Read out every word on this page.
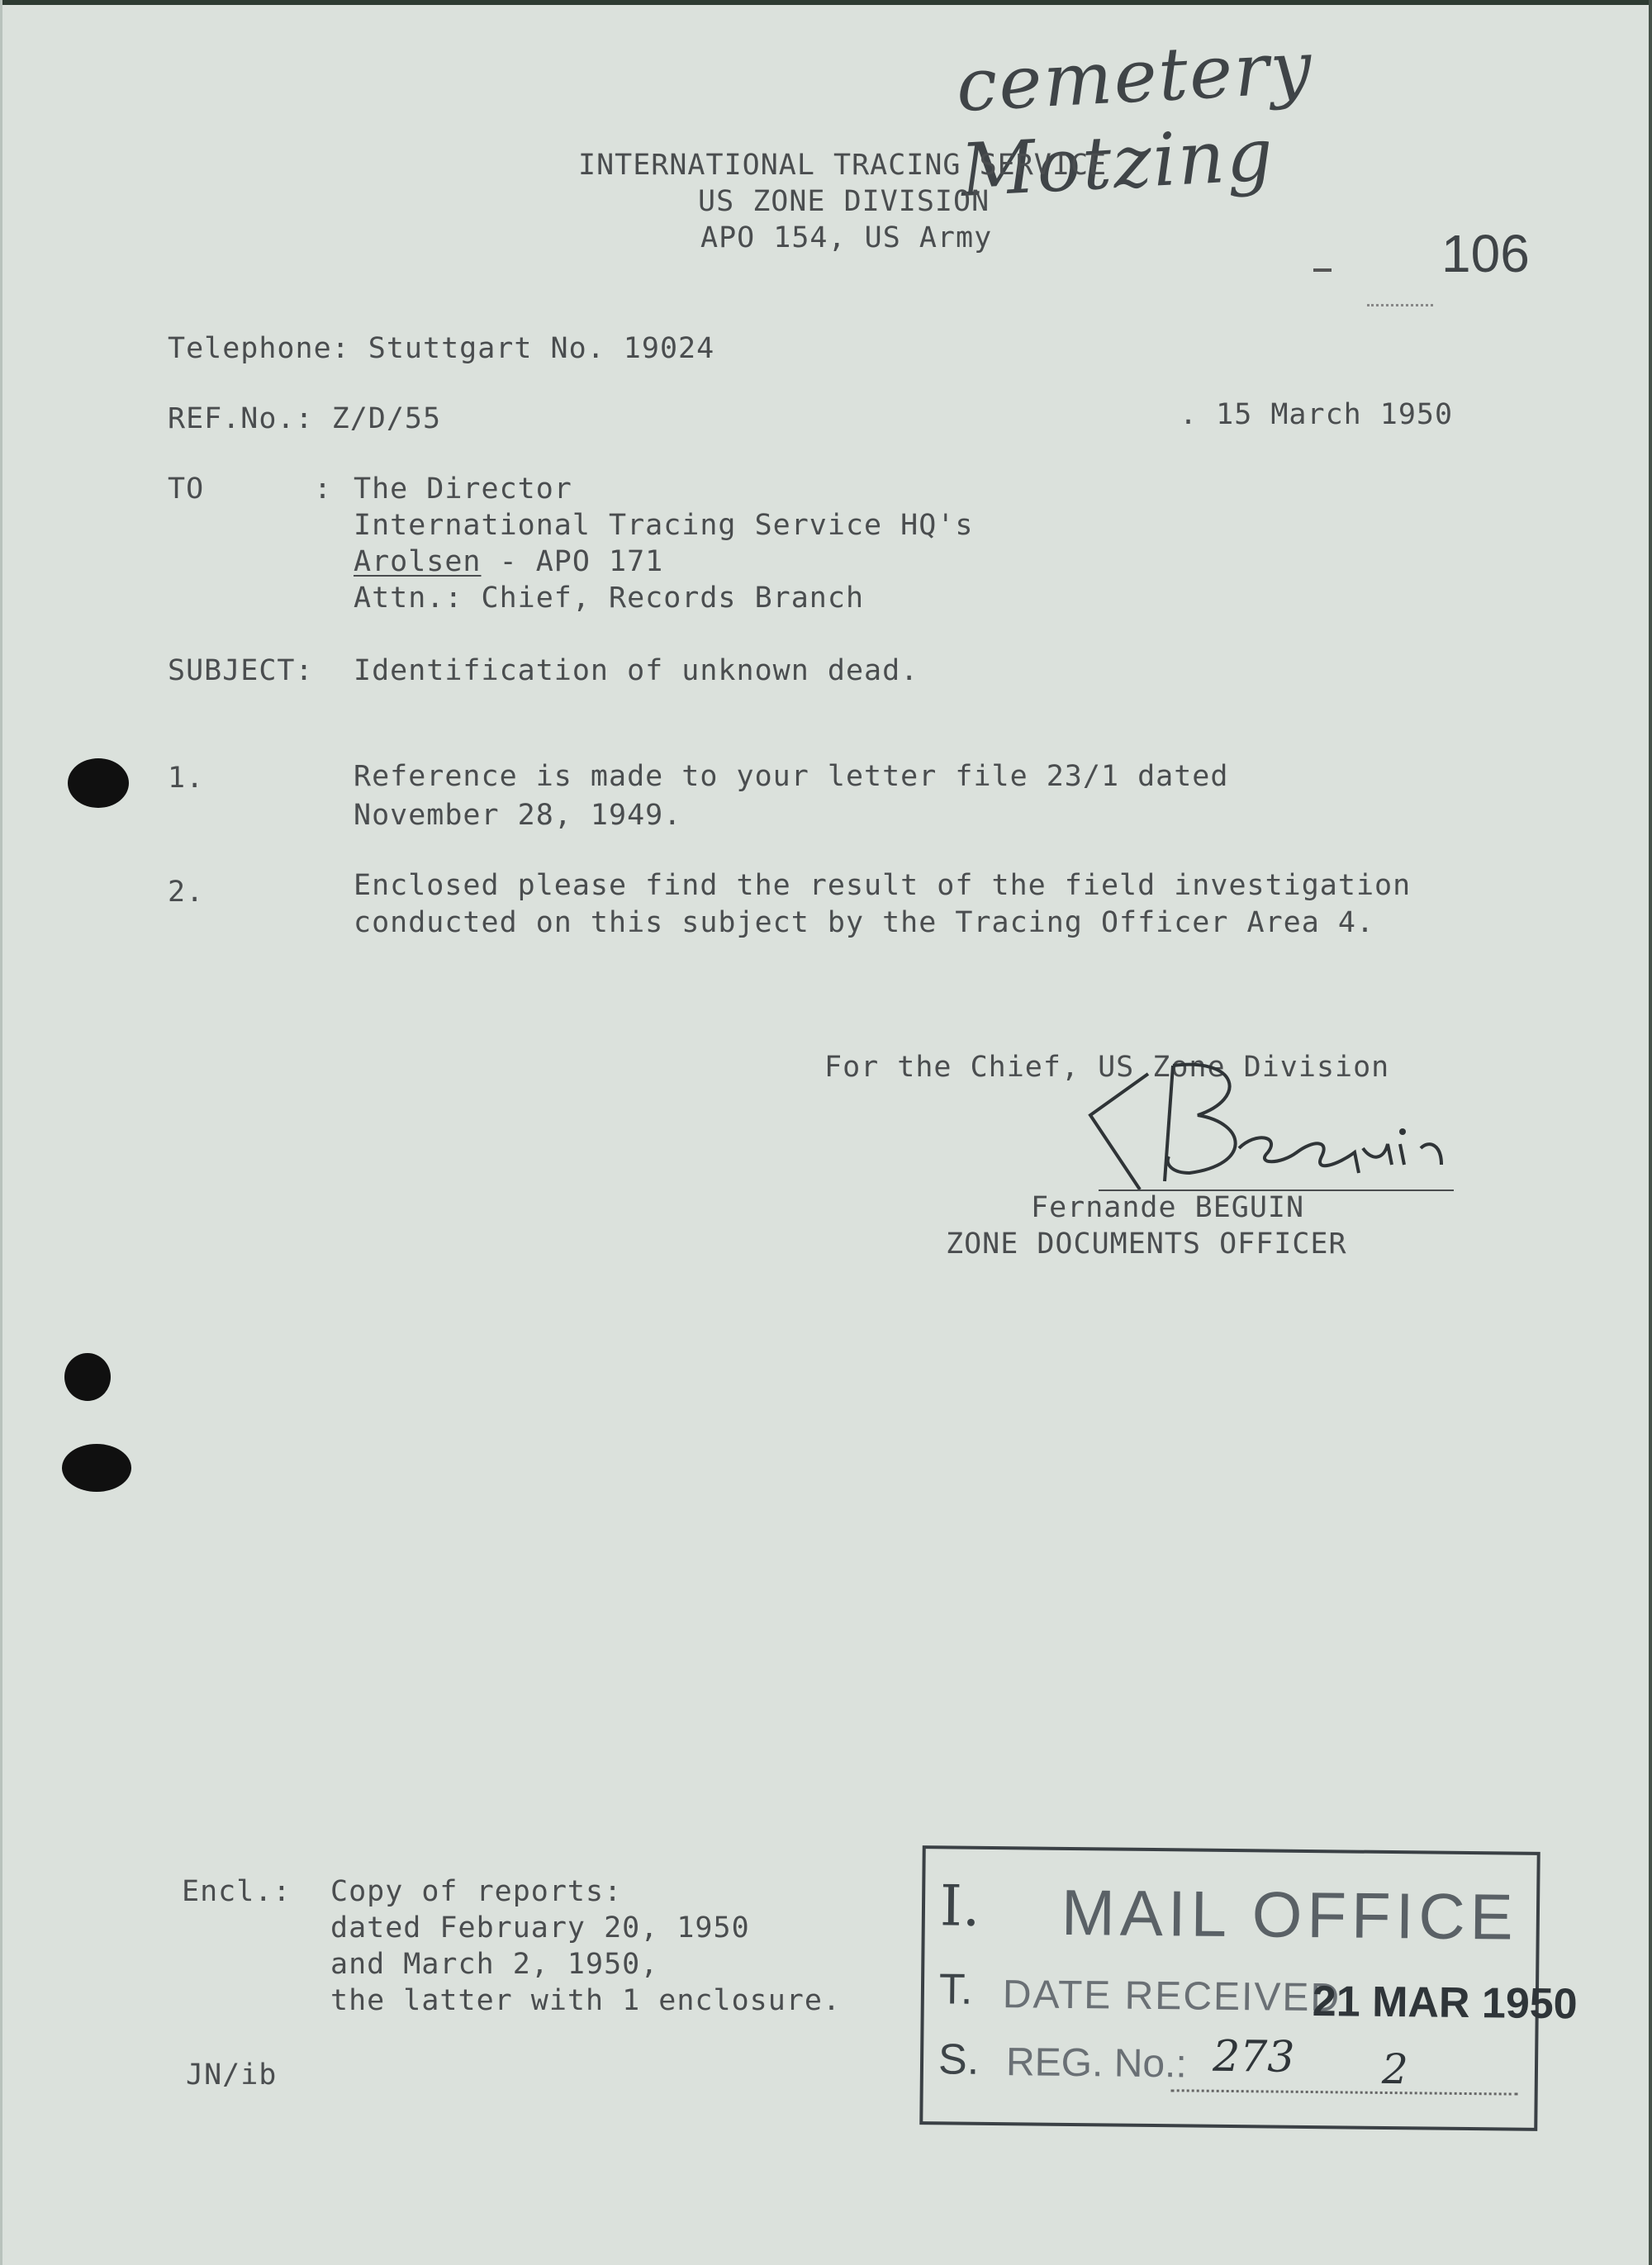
cemetery Motzing
106
INTERNATIONAL TRACING SERVICE
US ZONE DIVISION
APO 154, US Army
Telephone: Stuttgart No. 19024
REF.No.: Z/D/55	. 15 March 1950
TO	: The Director
International Tracing Service HQ's
Arolsen - APO 171
Attn.: Chief, Records Branch
SUBJECT: Identification of unknown dead.
1.	Reference is made to your letter file 23/1 dated
November 28, 1949.
2.	Enclosed please find the result of the field investigation
conducted on this subject by the Tracing Officer Area 4.
For the Chief, US Zone Division
Fernande BEGUIN
ZONE DOCUMENTS OFFICER
Encl.: Copy of reports:
dated February 20, 1950
and March 2, 1950,
the latter with 1 enclosure.
JN/ib
I. MAIL OFFICE
T. DATE RECEIVED
21 MAR 1950
S. REG. No.: 273 2
